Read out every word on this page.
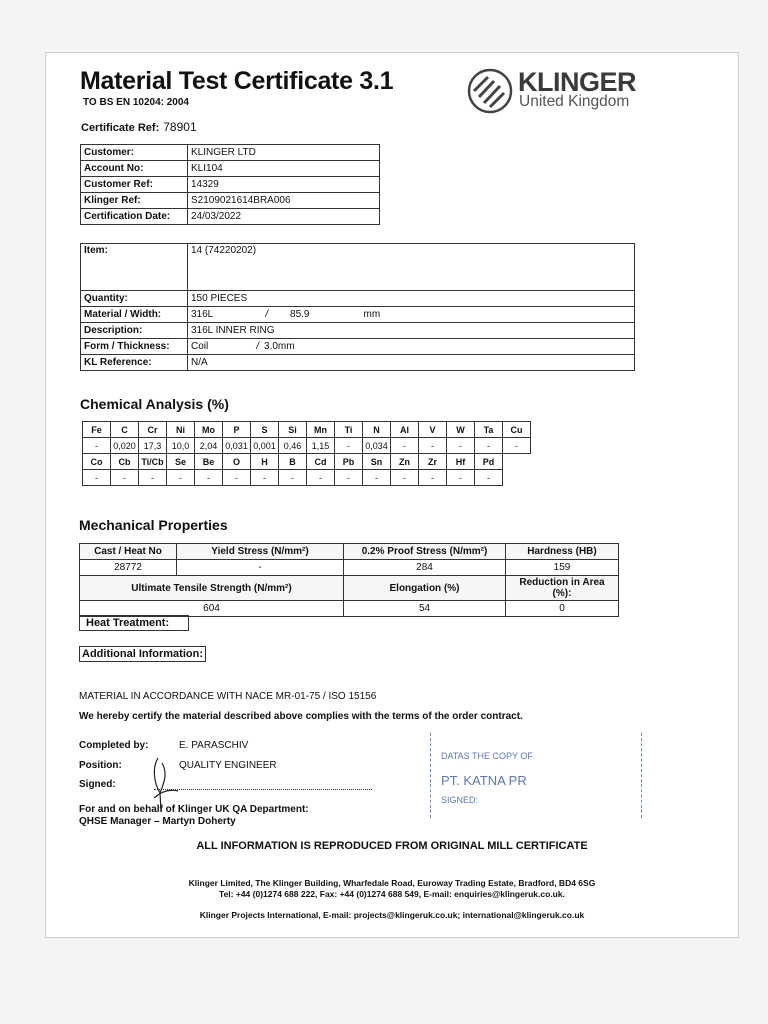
Material Test Certificate 3.1
TO BS EN 10204: 2004
Certificate Ref: 78901
KLINGER
United Kingdom
Customer:	KLINGER LTD
Account No:	KLI104
Customer Ref:	14329
Klinger Ref:	S2109021614BRA006
Certification Date:	24/03/2022
Item:	14 (74220202)
Quantity:	150 PIECES
Material / Width:	316L / 85.9 mm
Description:	316L INNER RING
Form / Thickness:	Coil / 3.0mm
KL Reference:	N/A
Chemical Analysis (%)
Fe	C	Cr	Ni	Mo	P	S	Si	Mn	Ti	N	Al	V	W	Ta	Cu
-	0,020	17,3	10,0	2,04	0,031	0,001	0,46	1,15	-	0,034	-	-	-	-	-
Co	Cb	Ti/Cb	Se	Be	O	H	B	Cd	Pb	Sn	Zn	Zr	Hf	Pd	
-	-	-	-	-	-	-	-	-	-	-	-	-	-	-	
Mechanical Properties
Cast / Heat No	Yield Stress (N/mm²)	0.2% Proof Stress (N/mm²)	Hardness (HB)
28772	-	284	159
Ultimate Tensile Strength (N/mm²)		Elongation (%)	Reduction in Area (%):
604		54	0
Heat Treatment:
Additional Information:
MATERIAL IN ACCORDANCE WITH NACE MR-01-75 / ISO 15156
We hereby certify the material described above complies with the terms of the order contract.
Completed by:	E. PARASCHIV
Position:	QUALITY ENGINEER
Signed:
For and on behalf of Klinger UK QA Department:
QHSE Manager – Martyn Doherty
DATAS THE COPY OF
PT. KATNA PR
SIGNED:
ALL INFORMATION IS REPRODUCED FROM ORIGINAL MILL CERTIFICATE
Klinger Limited, The Klinger Building, Wharfedale Road, Euroway Trading Estate, Bradford, BD4 6SG
Tel: +44 (0)1274 688 222, Fax: +44 (0)1274 688 549, E-mail: enquiries@klingeruk.co.uk.
Klinger Projects International, E-mail: projects@klingeruk.co.uk; international@klingeruk.co.uk
